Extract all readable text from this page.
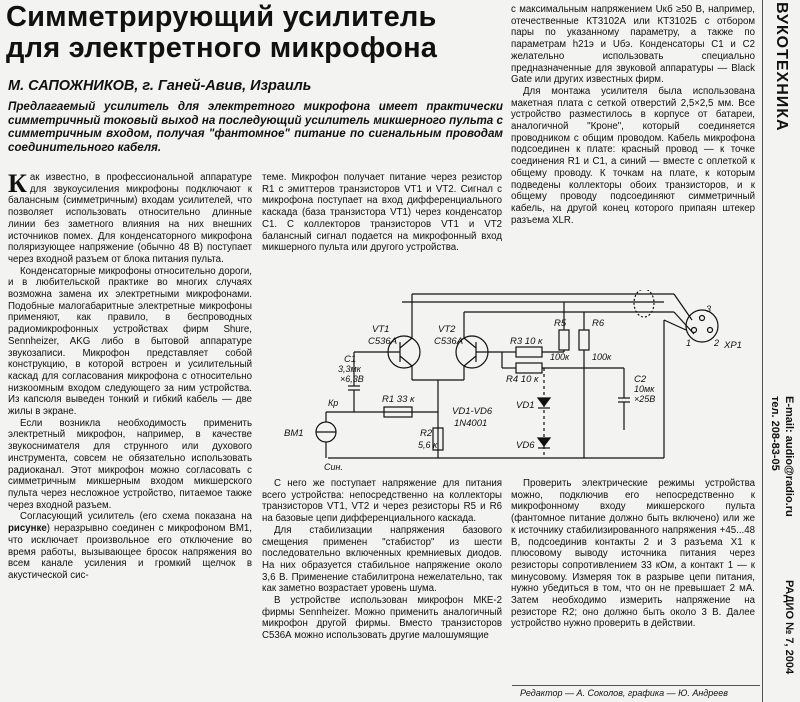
Симметрирующий усилитель
для электретного микрофона
М. САПОЖНИКОВ, г. Ганей-Авив, Израиль
Предлагаемый усилитель для электретного микрофона имеет практически симметричный токовый выход на последующий усилитель микшерного пульта с симметричным входом, получая "фантомное" питание по сигнальным проводам соединительного кабеля.

Как известно, в профессиональной аппаратуре для звукоусиления микрофоны подключают к балансным (симметричным) входам усилителей, что позволяет использовать относительно длинные линии без заметного влияния на них внешних источников помех. Для конденсаторного микрофона поляризующее напряжение (обычно 48 В) поступает через входной разъем от блока питания пульта.

Конденсаторные микрофоны относительно дороги, и в любительской практике во многих случаях возможна замена их электретными микрофонами. Подобные малогабаритные электретные микрофоны применяют, как правило, в беспроводных радиомикрофонных устройствах фирм Shure, Sennheizer, AKG либо в бытовой аппаратуре звукозаписи. Микрофон представляет собой конструкцию, в которой встроен и усилительный каскад для согласования микрофона с относительно низкоомным входом следующего за ним устройства. Из капсюля выведен тонкий и гибкий кабель — две жилы в экране.

Если возникла необходимость применить электретный микрофон, например, в качестве звукоснимателя для струнного или духового инструмента, совсем не обязательно использовать радиоканал. Этот микрофон можно согласовать с симметричным микшерным входом микшерского пульта через несложное устройство, питаемое также через входной разъем.

Согласующий усилитель (его схема показана на рисунке) неразрывно соединен с микрофоном ВМ1, что исключает произвольное его отключение во время работы, вызывающее бросок напряжения во всем канале усиления и громкий щелчок в акустической сис-

теме. Микрофон получает питание через резистор R1 с эмиттеров транзисторов VT1 и VT2. Сигнал с микрофона поступает на вход дифференциального каскада (база транзистора VT1) через конденсатор С1. С коллекторов транзисторов VT1 и VT2 балансный сигнал подается на микрофонный вход микшерного пульта или другого устройства.

с максимальным напряжением Uкб ≥50 В, например, отечественные КТ3102А или КТ3102Б с отбором пары по указанному параметру, а также по параметрам h21э и Uбэ. Конденсаторы С1 и С2 желательно использовать специально предназначенные для звуковой аппаратуры — Black Gate или других известных фирм.

Для монтажа усилителя была использована макетная плата с сеткой отверстий 2,5×2,5 мм. Все устройство разместилось в корпусе от батареи, аналогичной "Кроне", который соединяется проводником с общим проводом. Кабель микрофона подсоединен к плате: красный провод — к точке соединения R1 и С1, а синий — вместе с оплеткой к общему проводу. К точкам на плате, к которым подведены коллекторы обоих транзисторов, и к общему проводу подсоединяют симметричный кабель, на другой конец которого припаян штекер разъема XLR.

VT1
С536А
VT2
С536А
С1
3,3мк
×6,3В
R1 33 к
R2
5,6 к
R3 10 к
R4 10 к
R5
100к
R6
100к
С2
10мк
×25В
VD1
VD6
VD1-VD6
1N4001
ВМ1
Кр
Син.
XP1
1	2
3

С него же поступает напряжение для питания всего устройства: непосредственно на коллекторы транзисторов VT1, VT2 и через резисторы R5 и R6 на базовые цепи дифференциального каскада.

Для стабилизации напряжения базового смещения применен "стабистор" из шести последовательно включенных кремниевых диодов. На них образуется стабильное напряжение около 3,6 В. Применение стабилитрона нежелательно, так как заметно возрастает уровень шума.

В устройстве использован микрофон МКЕ-2 фирмы Sennheizer. Можно применить аналогичный микрофон другой фирмы. Вместо транзисторов С536А можно использовать другие малошумящие

Проверить электрические режимы устройства можно, подключив его непосредственно к микрофонному входу микшерского пульта (фантомное питание должно быть включено) или же к источнику стабилизированного напряжения +45...48 В, подсоединив контакты 2 и 3 разъема Х1 к плюсовому выводу источника питания через резисторы сопротивлением 33 кОм, а контакт 1 — к минусовому. Измеряя ток в разрыве цепи питания, нужно убедиться в том, что он не превышает 2 мА. Затем необходимо измерить напряжение на резисторе R2; оно должно быть около 3 В. Далее устройство нужно проверить в действии.

Редактор — А. Соколов, графика — Ю. Андреев
ВУКОТЕХНИКА
E-mail: audio@radio.ru
тел. 208-83-05
РАДИО № 7, 2004
